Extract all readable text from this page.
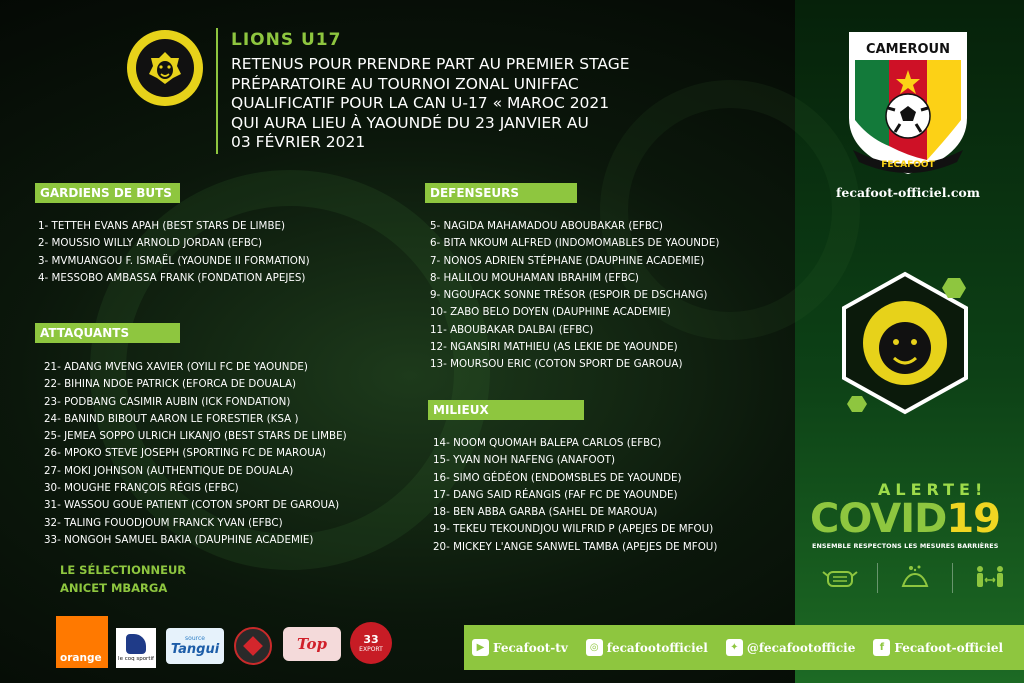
LIONS U17
RETENUS POUR PRENDRE PART AU PREMIER STAGE
PRÉPARATOIRE AU TOURNOI ZONAL UNIFFAC
QUALIFICATIF POUR LA CAN U-17 « MAROC 2021
QUI AURA LIEU À YAOUNDÉ DU 23 JANVIER AU
03 FÉVRIER 2021
GARDIENS DE BUTS
1- TETTEH EVANS APAH (BEST STARS DE LIMBE)
2- MOUSSIO WILLY ARNOLD JORDAN (EFBC)
3- MVMUANGOU F. ISMAËL (YAOUNDE II FORMATION)
4- MESSOBO AMBASSA FRANK (FONDATION APEJES)
ATTAQUANTS
21- ADANG MVENG XAVIER (OYILI FC DE YAOUNDE)
22- BIHINA NDOE PATRICK (EFORCA DE DOUALA)
23- PODBANG CASIMIR AUBIN (ICK FONDATION)
24- BANIND BIBOUT AARON LE FORESTIER (KSA )
25- JEMEA SOPPO ULRICH LIKANJO (BEST STARS DE LIMBE)
26- MPOKO STEVE JOSEPH (SPORTING FC DE MAROUA)
27- MOKI JOHNSON (AUTHENTIQUE DE DOUALA)
30- MOUGHE FRANÇOIS RÉGIS (EFBC)
31- WASSOU GOUE PATIENT (COTON SPORT DE GAROUA)
32- TALING FOUODJOUM FRANCK YVAN (EFBC)
33- NONGOH SAMUEL BAKIA (DAUPHINE ACADEMIE)
DEFENSEURS
5- NAGIDA MAHAMADOU ABOUBAKAR (EFBC)
6- BITA NKOUM ALFRED (INDOMOMABLES DE YAOUNDE)
7- NONOS ADRIEN STÉPHANE (DAUPHINE ACADEMIE)
8- HALILOU MOUHAMAN IBRAHIM (EFBC)
9- NGOUFACK SONNE TRÉSOR (ESPOIR DE DSCHANG)
10- ZABO BELO DOYEN (DAUPHINE ACADEMIE)
11- ABOUBAKAR DALBAI (EFBC)
12- NGANSIRI MATHIEU (AS LEKIE DE YAOUNDE)
13- MOURSOU ERIC (COTON SPORT DE GAROUA)
MILIEUX
14- NOOM QUOMAH BALEPA CARLOS (EFBC)
15- YVAN NOH NAFENG (ANAFOOT)
16- SIMO GÉDÉON (ENDOMSBLES DE YAOUNDE)
17- DANG SAID RÉANGIS (FAF FC DE YAOUNDE)
18- BEN ABBA GARBA (SAHEL DE MAROUA)
19- TEKEU TEKOUNDJOU WILFRID P (APEJES DE MFOU)
20- MICKEY L'ANGE SANWEL TAMBA (APEJES DE MFOU)
LE SÉLECTIONNEUR
ANICET MBARGA
orange	le coq sportif
source
Tangui	Top	33
EXPORT
CAMEROUN
FECAFOOT
fecafoot-officiel.com
ALERTE!
COVID19
ENSEMBLE RESPECTONS LES MESURES BARRIÈRES
▶ Fecafoot-tv	◎ fecafootofficiel	✦ @fecafootofficie	f Fecafoot-officiel
